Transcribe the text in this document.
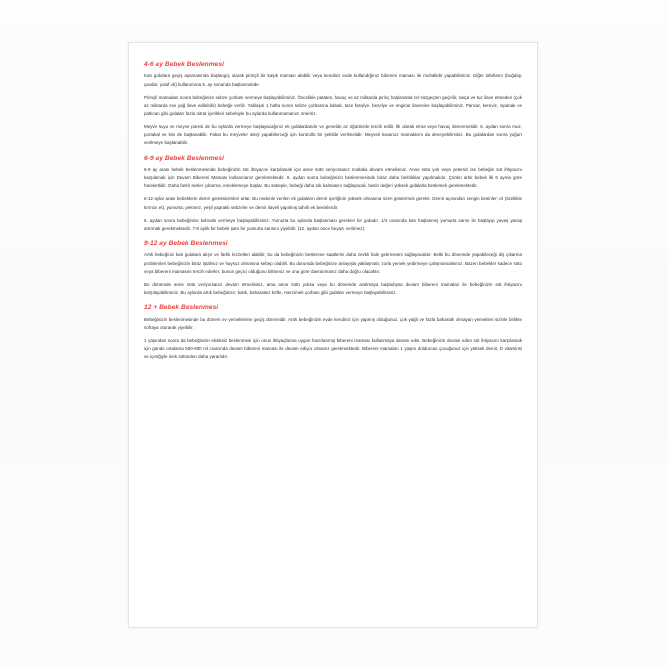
4-6 ay Bebek Beslenmesi

Katı gıdalara geçiş aşamasında başlangıç olarak pirinçli bir kaşık maması alabilir veya kendiniz evde kullandığınız bibereni maması ile muhallebi yapabilirsiniz. Diğer tahılların (buğday, çavdar, yulaf vb) kullanımına 6. ay sonunda başlanmalıdır.

Pirinçli mamadan sonra bebeğinize sebze çorbası vermeye başlayabilirsiniz. Öncelikle patates, havuç ve az miktarda pirinç haşlanarak tel süzgeçten geçirilir, salça ve tuz ilave etmeden (çok az miktarda sıvı yağ ilave edilebilir) bebeğe verilir. Yaklaşık 1 hafta sonra sebze çorbasına kabak, taze fasulye, bezelye ve enginar ilavesine başlayabilirsiniz. Pancar, kereviz, ıspanak ve patlıcan gibi gıdaları fazla nitrat içerikleri sebebiyle bu aylarda kullanmamanızı öneririz.

Meyve suyu ve meyve püresi de bu aylarda vermeye başlayacağınız ek gıdalardandır ve genelde az öğünlerde tercih edilir. İlk olarak elma veya havuç denenmelidir. 6. aydan sonra muz, portakal ve kivi de başlanabilir. Fakat bu meyveler alerji yapabilerceği için kontrollü bir şekilde verilmelidir. Meyveli kavanoz mamalarını da deneyebilirsiniz. Bu gıdalardan sonra yoğurt verilmeye başlanabilir.

6-9 ay Bebek Beslenmesi

6-9 ay arası bebek beslenmesinde bebeğinizin süt ihtiyacını karşılamak için anne sütü veriyorsanız mutlaka devam etmelisiniz. Anne sütü yok veya yetersiz ise bebeğin süt ihtiyacını karşılamak için Devam Bibereni Maması kullanmanız gerekmektedir. 6. aydan sonra bebeğinizin beslenmesinde biraz daha farklılıklar yapılmalıdır. Çünkü artık bebek ilk 6 ayına göre hareketlidir. Daha farklı sesler çıkarma, emeklemeye başlar. Bu sebeple, bebeği daha tok kalmasını sağlayacak, besin değeri yüksek gıdalarla beslemek gerekmektedir.

6-12 aylar arası bebeklerin demir gereksinimleri artar. Bu nedenle verilen ek gıdaların demir içeriğinin yüksek olmasına özen göstermek gerekir. Demir açısından zengin besinler; et (özellikle kırmızı et), yumurta, pekmez, yeşil yapraklı sebzeler ve demir ilaveli yapılmış tahıllı ek besinlerdir.

6. aydan sonra bebeğinize kahvaltı vermeye başlayabilirsiniz. Yumurta bu aylarda başlanması gereken bir gıdadır. 1/4 oranında katı haşlanmış yumurta sarısı ile başlayıp yavaş yavaş artırmak gerekmektedir. 7-8 aylık bir bebek şam bir yumurta sarısını yiyebilir. (12. aydan önce beyazı verilmez).

9-12 ay Bebek Beslenmesi

Artık bebeğiniz katı gıdalara alışır ve farklı lezzetleri alabilir; bu da bebeğinizin beslenme saatlerini daha zevkli hale getirmesini sağlayacaktır. Belki bu dönemde yapabileceği diş çıkarma problemleri bebeğinizin biraz iştahsız ve huysuz olmasına sebep olabilir. Bu durumda bebeğinize anlayışla yaklaşmalı; zorla yemek yedirmeye çalışmamalısınız. Bazen bebekler sadece sütü veya bibereni mamasını tercih ederler, bunun geçici olduğunu bilmeniz ve ona göre davranmanız daha doğru olacaktır.

Bu dönemde anne sütü veriyorsanız devam etmelisiniz, ama anne sütü yoksa veya bu dönemde azalmaya başladıysa devam bibereni mamaları ile bebeğinizin süt ihtiyacını karşılayabilirsiniz. Bu aylarda artık bebeğinize; balık, baharatsız köfte, mercimek çorbası gibi gıdaları vermeye başlayabilirsiniz.

12 + Bebek Beslenmesi

Bebeğinizin beslenmesinde bu dönem ev yemeklerine geçiş dönemidir. Artık bebeğinizin evde kendiniz için yapmış olduğunuz, çok yağlı ve fazla baharatlı olmayan yemekleri sizinle birlikte sofraya oturarak yiyebilir.

1 yaşından sonra da bebeğinizin eksiksiz beslenmesi için onun ihtiyaçlarına uygun hazırlanmış bibereni maması kullanmaya devam edin. Bebeğinizin devam eden süt ihtiyacını karşılamak için günde ortalama 500-600 ml civarında devam bibereni maması ile devam ediyor olmanız gerekmektedir. Bibereni mamaları 1 yaşını doldurcan çocuğunuz için yüksek demir, D vitaminsi ve içeriğiyle inek sütünden daha yararlıdır.
